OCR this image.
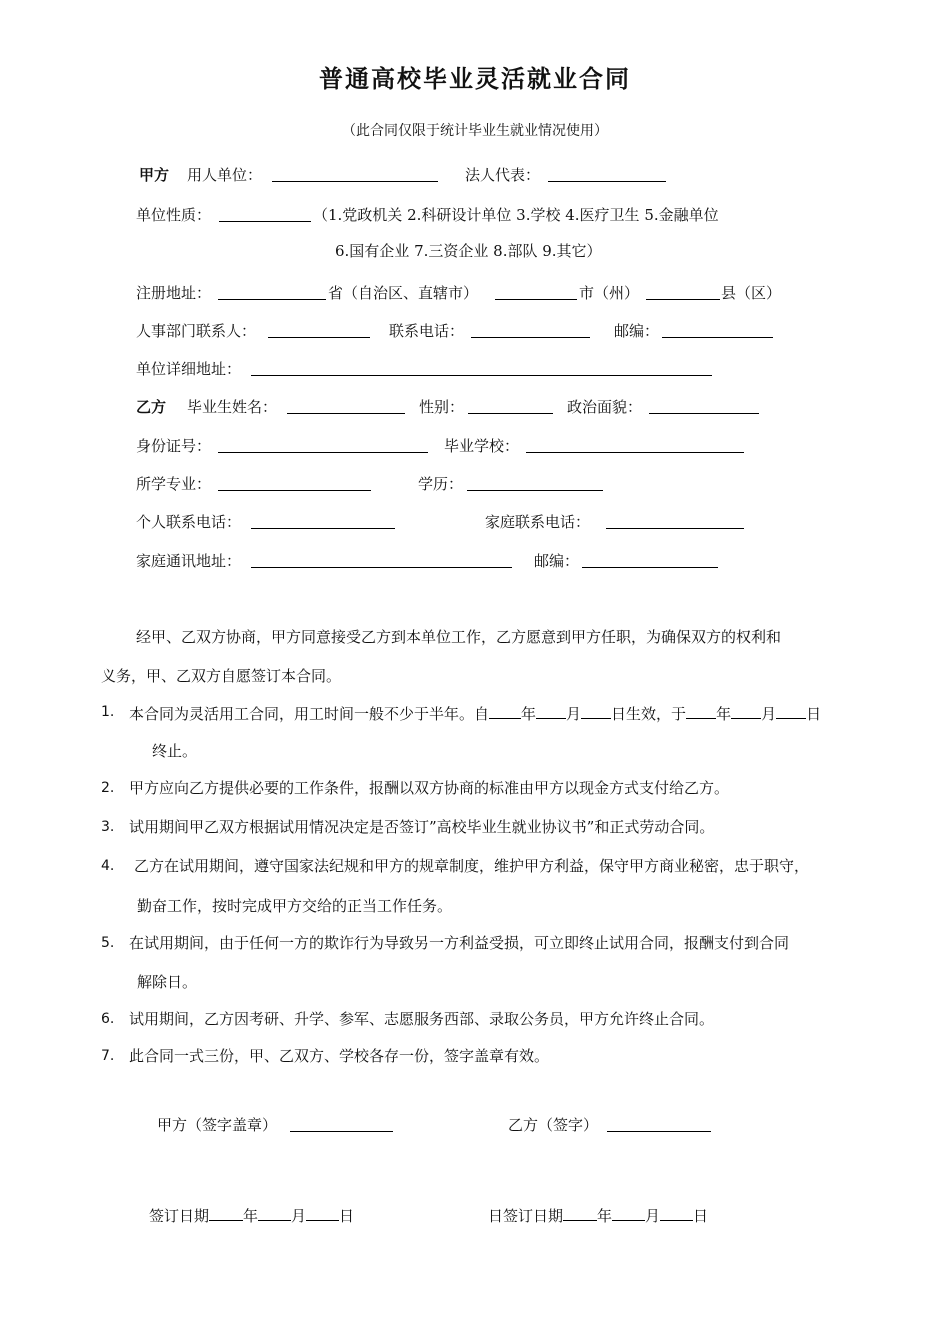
普通高校毕业灵活就业合同
（此合同仅限于统计毕业生就业情况使用）
甲方 用人单位：	法人代表：
单位性质：	（1.党政机关 2.科研设计单位 3.学校 4.医疗卫生 5.金融单位
6.国有企业 7.三资企业 8.部队 9.其它）
注册地址：	省（自治区、直辖市）	市（州）	县（区）
人事部门联系人：	联系电话：	邮编：
单位详细地址：
乙方 毕业生姓名：	性别：	政治面貌：
身份证号：	毕业学校：
所学专业：	学历：
个人联系电话：	家庭联系电话：
家庭通讯地址：	邮编：
经甲、乙双方协商，甲方同意接受乙方到本单位工作，乙方愿意到甲方任职，为确保双方的权利和
义务，甲、乙双方自愿签订本合同。
1. 本合同为灵活用工合同，用工时间一般不少于半年。自 年 月 日生效，于 年 月 日
终止。
2. 甲方应向乙方提供必要的工作条件，报酬以双方协商的标准由甲方以现金方式支付给乙方。
3. 试用期间甲乙双方根据试用情况决定是否签订”高校毕业生就业协议书”和正式劳动合同。
4. 乙方在试用期间，遵守国家法纪规和甲方的规章制度，维护甲方利益，保守甲方商业秘密，忠于职守，
勤奋工作，按时完成甲方交给的正当工作任务。
5. 在试用期间，由于任何一方的欺诈行为导致另一方利益受损，可立即终止试用合同，报酬支付到合同
解除日。
6. 试用期间，乙方因考研、升学、参军、志愿服务西部、录取公务员，甲方允许终止合同。
7. 此合同一式三份，甲、乙双方、学校各存一份，签字盖章有效。
甲方（签字盖章）	乙方（签字）
签订日期 年 月 日	日签订日期 年 月 日
